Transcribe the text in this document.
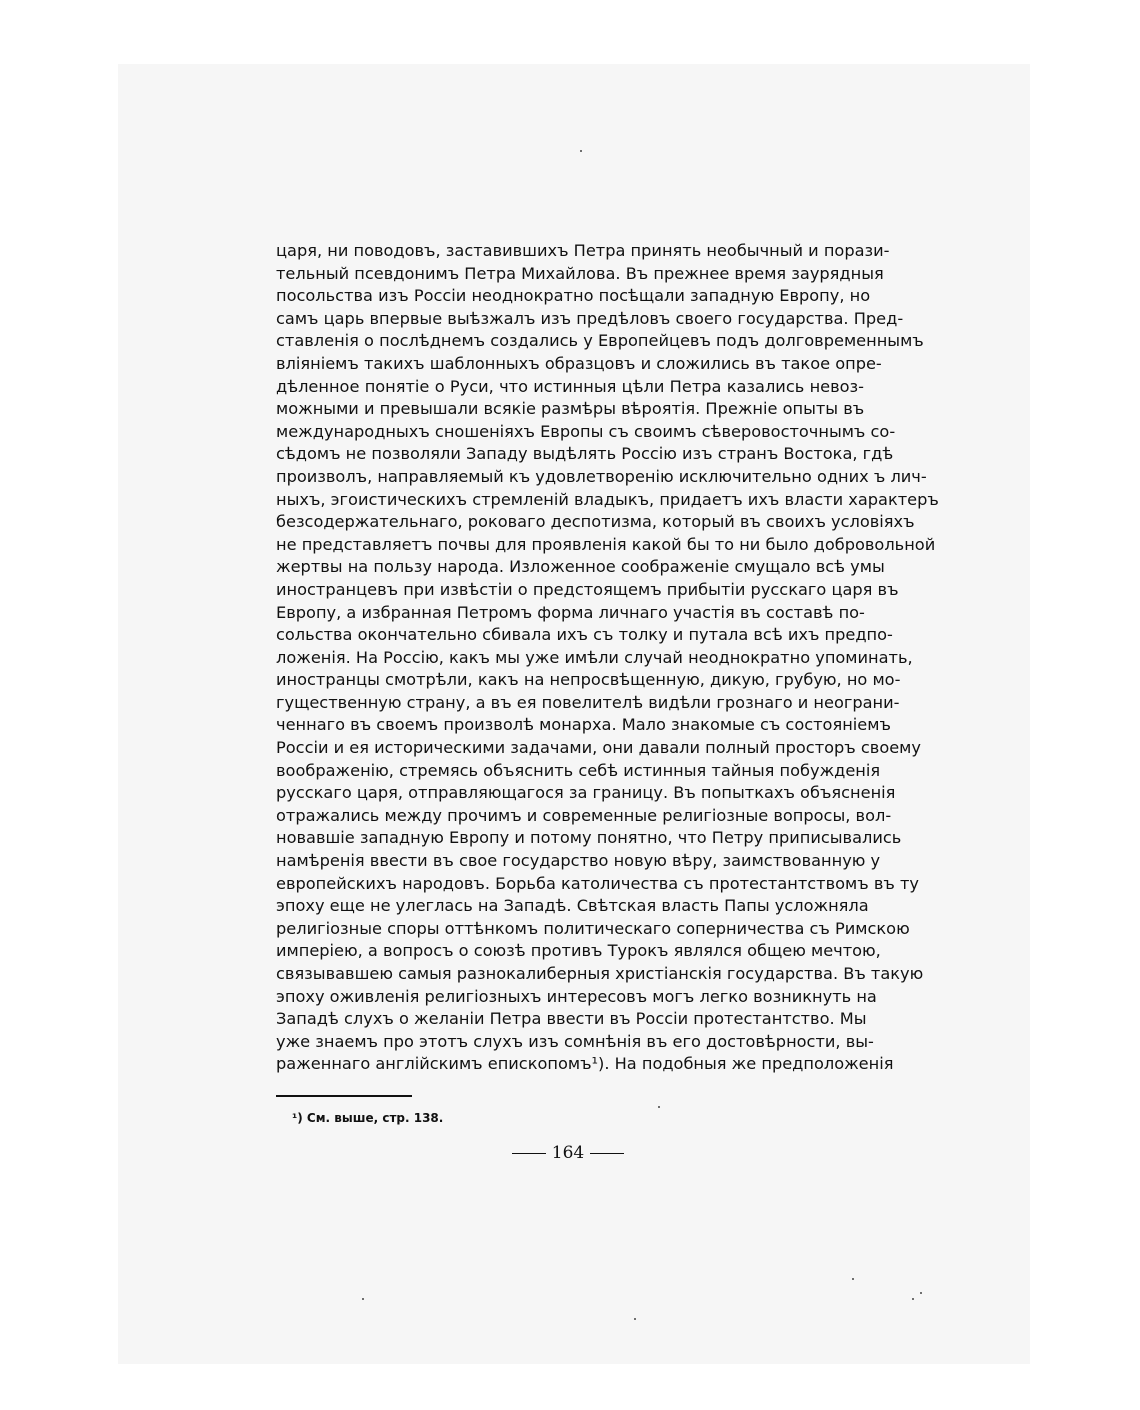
царя, ни поводовъ, заставившихъ Петра принять необычный и порази-
тельный псевдонимъ Петра Михайлова. Въ прежнее время заурядныя
посольства изъ Россіи неоднократно посѣщали западную Европу, но
самъ царь впервые выѣзжалъ изъ предѣловъ своего государства. Пред-
ставленія о послѣднемъ создались у Европейцевъ подъ долговременнымъ
вліяніемъ такихъ шаблонныхъ образцовъ и сложились въ такое опре-
дѣленное понятіе о Руси, что истинныя цѣли Петра казались невоз-
можными и превышали всякіе размѣры вѣроятія. Прежніе опыты въ
международныхъ сношеніяхъ Европы съ своимъ сѣверовосточнымъ со-
сѣдомъ не позволяли Западу выдѣлять Россію изъ странъ Востока, гдѣ
произволъ, направляемый къ удовлетворенію исключительно одних ъ лич-
ныхъ, эгоистическихъ стремленій владыкъ, придаетъ ихъ власти характеръ
безсодержательнаго, роковаго деспотизма, который въ своихъ условіяхъ
не представляетъ почвы для проявленія какой бы то ни было добровольной
жертвы на пользу народа. Изложенное соображеніе смущало всѣ умы
иностранцевъ при извѣстіи о предстоящемъ прибытіи русскаго царя въ
Европу, а избранная Петромъ форма личнаго участія въ составѣ по-
сольства окончательно сбивала ихъ съ толку и путала всѣ ихъ предпо-
ложенія. На Россію, какъ мы уже имѣли случай неоднократно упоминать,
иностранцы смотрѣли, какъ на непросвѣщенную, дикую, грубую, но мо-
гущественную страну, а въ ея повелителѣ видѣли грознаго и неограни-
ченнаго въ своемъ произволѣ монарха. Мало знакомые съ состояніемъ
Россіи и ея историческими задачами, они давали полный просторъ своему
воображенію, стремясь объяснить себѣ истинныя тайныя побужденія
русскаго царя, отправляющагося за границу. Въ попыткахъ объясненія
отражались между прочимъ и современные религіозные вопросы, вол-
новавшіе западную Европу и потому понятно, что Петру приписывались
намѣренія ввести въ свое государство новую вѣру, заимствованную у
европейскихъ народовъ. Борьба католичества съ протестантствомъ въ ту
эпоху еще не улеглась на Западѣ. Свѣтская власть Папы усложняла
религіозные споры оттѣнкомъ политическаго соперничества съ Римскою
имперіею, а вопросъ о союзѣ противъ Турокъ являлся общею мечтою,
связывавшею самыя разнокалиберныя христіанскія государства. Въ такую
эпоху оживленія религіозныхъ интересовъ могъ легко возникнуть на
Западѣ слухъ о желаніи Петра ввести въ Россіи протестантство. Мы
уже знаемъ про этотъ слухъ изъ сомнѣнія въ его достовѣрности, вы-
раженнаго англійскимъ епископомъ¹). На подобныя же предположенія
¹) См. выше, стр. 138.
164
